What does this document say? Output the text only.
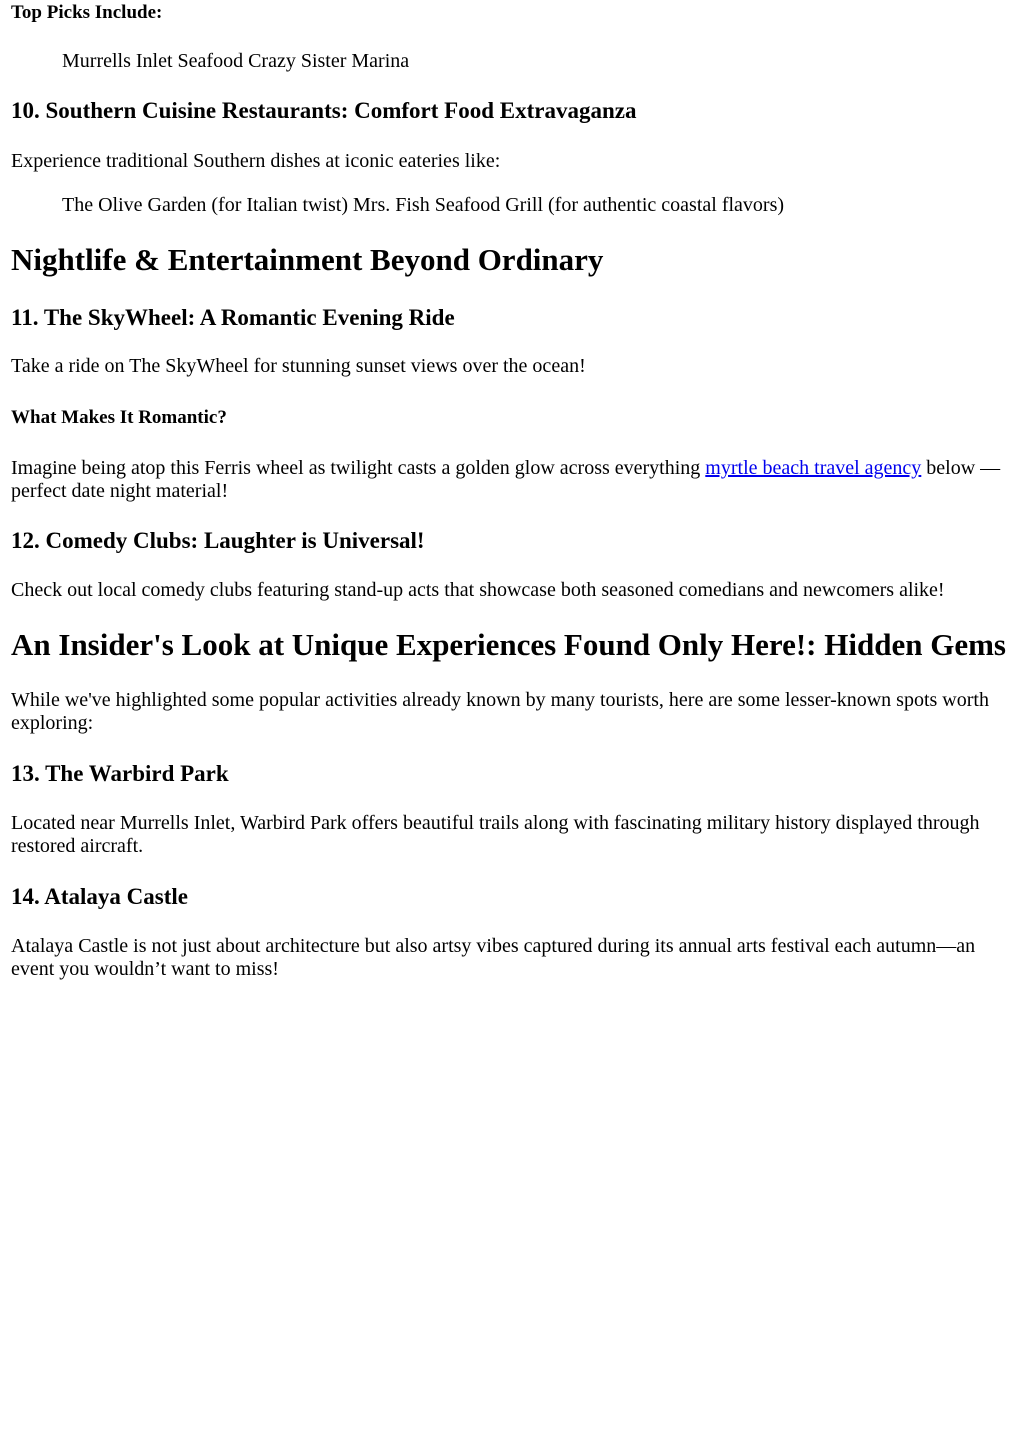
Top Picks Include:

Murrells Inlet Seafood Crazy Sister Marina

10. Southern Cuisine Restaurants: Comfort Food Extravaganza

Experience traditional Southern dishes at iconic eateries like:

The Olive Garden (for Italian twist) Mrs. Fish Seafood Grill (for authentic coastal flavors)

Nightlife & Entertainment Beyond Ordinary
11. The SkyWheel: A Romantic Evening Ride

Take a ride on The SkyWheel for stunning sunset views over the ocean!

What Makes It Romantic?

Imagine being atop this Ferris wheel as twilight casts a golden glow across everything myrtle beach travel agency below —perfect date night material!

12. Comedy Clubs: Laughter is Universal!

Check out local comedy clubs featuring stand-up acts that showcase both seasoned comedians and newcomers alike!

An Insider's Look at Unique Experiences Found Only Here!: Hidden Gems

While we've highlighted some popular activities already known by many tourists, here are some lesser-known spots worth exploring:

13. The Warbird Park

Located near Murrells Inlet, Warbird Park offers beautiful trails along with fascinating military history displayed through restored aircraft.

14. Atalaya Castle

Atalaya Castle is not just about architecture but also artsy vibes captured during its annual arts festival each autumn—an event you wouldn’t want to miss!
